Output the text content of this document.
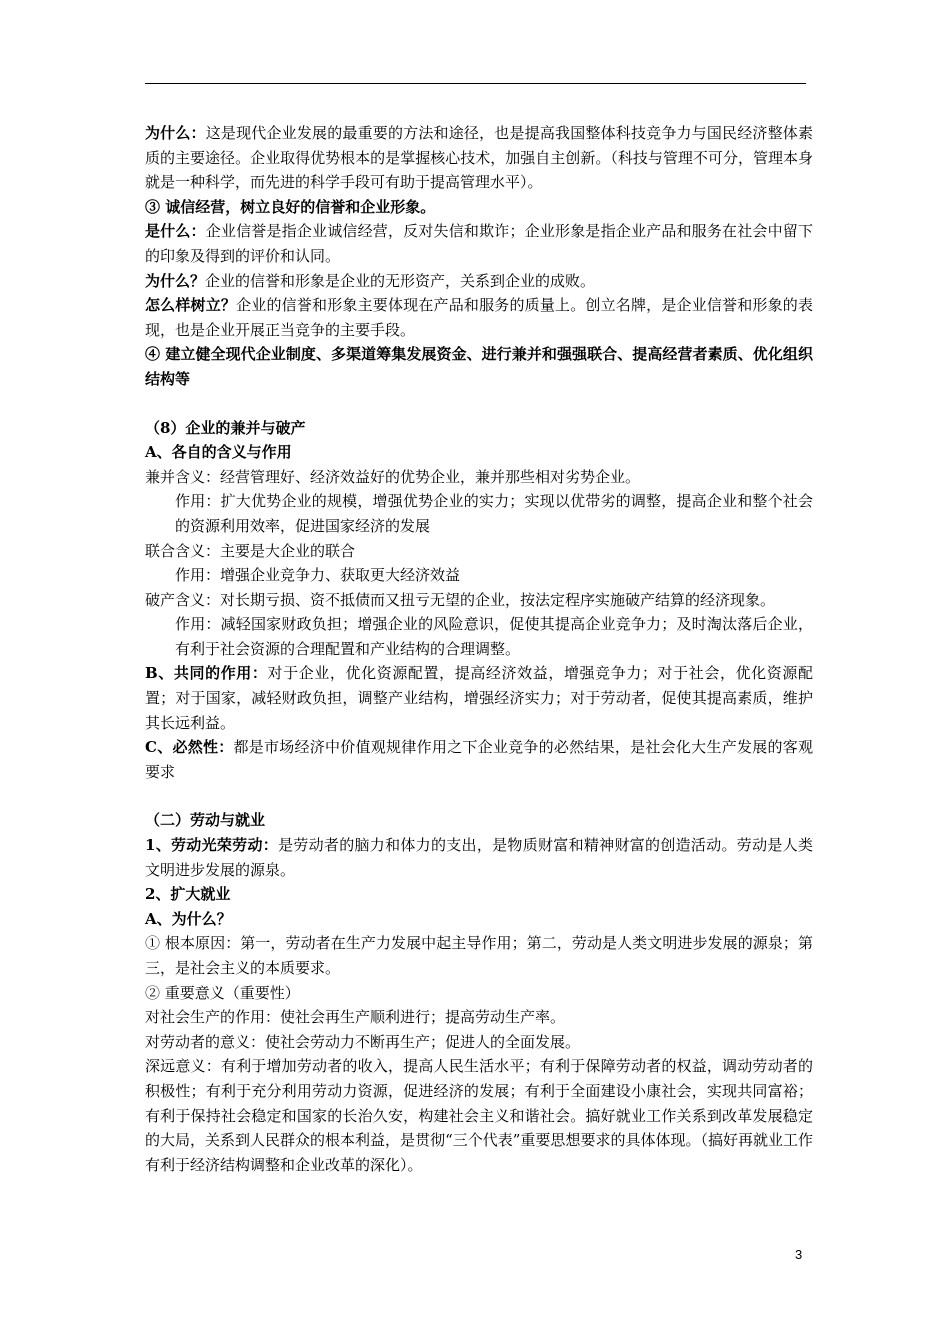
为什么：这是现代企业发展的最重要的方法和途径，也是提高我国整体科技竞争力与国民经济整体素质的主要途径。企业取得优势根本的是掌握核心技术，加强自主创新。（科技与管理不可分，管理本身就是一种科学，而先进的科学手段可有助于提高管理水平）。

③ 诚信经营，树立良好的信誉和企业形象。

是什么：企业信誉是指企业诚信经营，反对失信和欺诈；企业形象是指企业产品和服务在社会中留下的印象及得到的评价和认同。

为什么？企业的信誉和形象是企业的无形资产，关系到企业的成败。

怎么样树立？企业的信誉和形象主要体现在产品和服务的质量上。创立名牌，是企业信誉和形象的表现，也是企业开展正当竞争的主要手段。

④ 建立健全现代企业制度、多渠道筹集发展资金、进行兼并和强强联合、提高经营者素质、优化组织结构等

（8）企业的兼并与破产

A、各自的含义与作用

兼并含义：经营管理好、经济效益好的优势企业，兼并那些相对劣势企业。

作用：扩大优势企业的规模，增强优势企业的实力；实现以优带劣的调整，提高企业和整个社会的资源利用效率，促进国家经济的发展

联合含义：主要是大企业的联合

作用：增强企业竞争力、获取更大经济效益

破产含义：对长期亏损、资不抵债而又扭亏无望的企业，按法定程序实施破产结算的经济现象。

作用：减轻国家财政负担；增强企业的风险意识，促使其提高企业竞争力；及时淘汰落后企业，有利于社会资源的合理配置和产业结构的合理调整。

B、共同的作用：对于企业，优化资源配置，提高经济效益，增强竞争力；对于社会，优化资源配置；对于国家，减轻财政负担，调整产业结构，增强经济实力；对于劳动者，促使其提高素质，维护其长远利益。

C、必然性：都是市场经济中价值观规律作用之下企业竞争的必然结果，是社会化大生产发展的客观要求

（二）劳动与就业

1、劳动光荣劳动：是劳动者的脑力和体力的支出，是物质财富和精神财富的创造活动。劳动是人类文明进步发展的源泉。

2、扩大就业

A、为什么？

① 根本原因：第一，劳动者在生产力发展中起主导作用；第二，劳动是人类文明进步发展的源泉；第三，是社会主义的本质要求。

② 重要意义（重要性）

对社会生产的作用：使社会再生产顺利进行；提高劳动生产率。

对劳动者的意义：使社会劳动力不断再生产；促进人的全面发展。

深远意义：有利于增加劳动者的收入，提高人民生活水平；有利于保障劳动者的权益，调动劳动者的积极性；有利于充分利用劳动力资源，促进经济的发展；有利于全面建设小康社会，实现共同富裕；有利于保持社会稳定和国家的长治久安，构建社会主义和谐社会。搞好就业工作关系到改革发展稳定的大局，关系到人民群众的根本利益，是贯彻“三个代表”重要思想要求的具体体现。（搞好再就业工作有利于经济结构调整和企业改革的深化）。

3
